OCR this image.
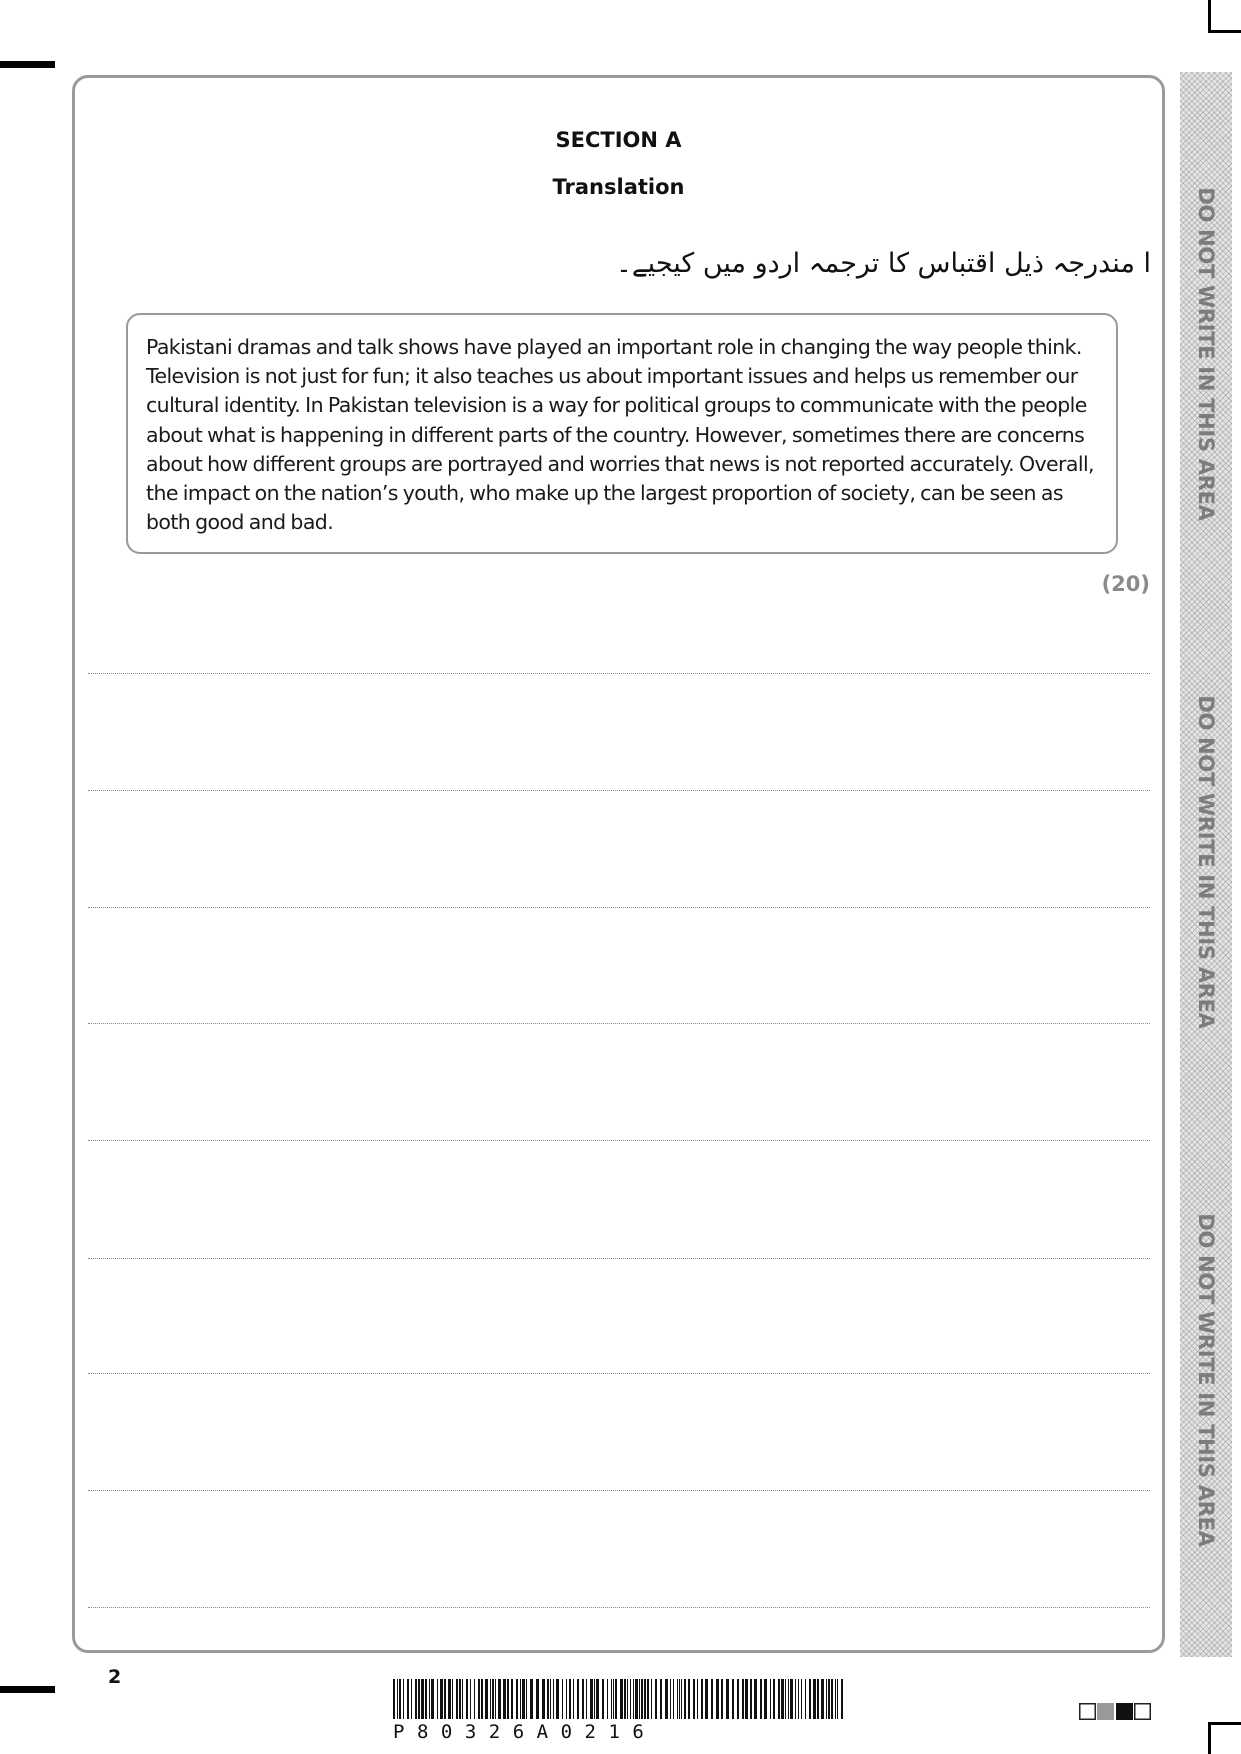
DO NOT WRITE IN THIS AREA
DO NOT WRITE IN THIS AREA
DO NOT WRITE IN THIS AREA
SECTION A
Translation
ا مندرجہ ذیل اقتباس کا ترجمہ اردو میں کیجیے۔

Pakistani dramas and talk shows have played an important role in changing the way people think. Television is not just for fun; it also teaches us about important issues and helps us remember our cultural identity. In Pakistan television is a way for political groups to communicate with the people about what is happening in different parts of the country. However, sometimes there are concerns about how different groups are portrayed and worries that news is not reported accurately. Overall, the impact on the nation’s youth, who make up the largest proportion of society, can be seen as both good and bad.

(20)
2
P80326A0216
